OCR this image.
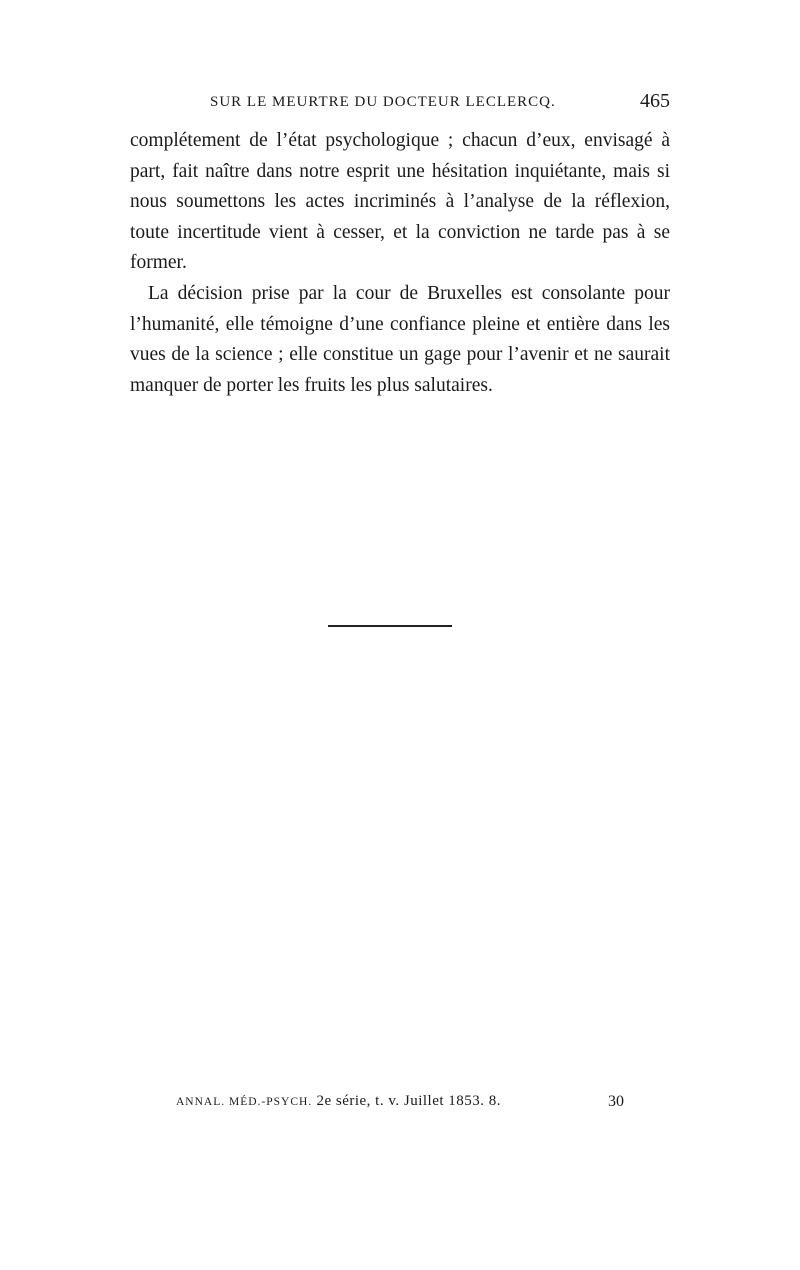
SUR LE MEURTRE DU DOCTEUR LECLERCQ.	465

complétement de l’état psychologique ; chacun d’eux, envisagé à part, fait naître dans notre esprit une hésitation inquiétante, mais si nous soumettons les actes incriminés à l’analyse de la réflexion, toute incertitude vient à cesser, et la conviction ne tarde pas à se former.

La décision prise par la cour de Bruxelles est consolante pour l’humanité, elle témoigne d’une confiance pleine et entière dans les vues de la science ; elle constitue un gage pour l’avenir et ne saurait manquer de porter les fruits les plus salutaires.

ANNAL. MÉD.-PSYCH. 2e série, t. v. Juillet 1853. 8.	30
